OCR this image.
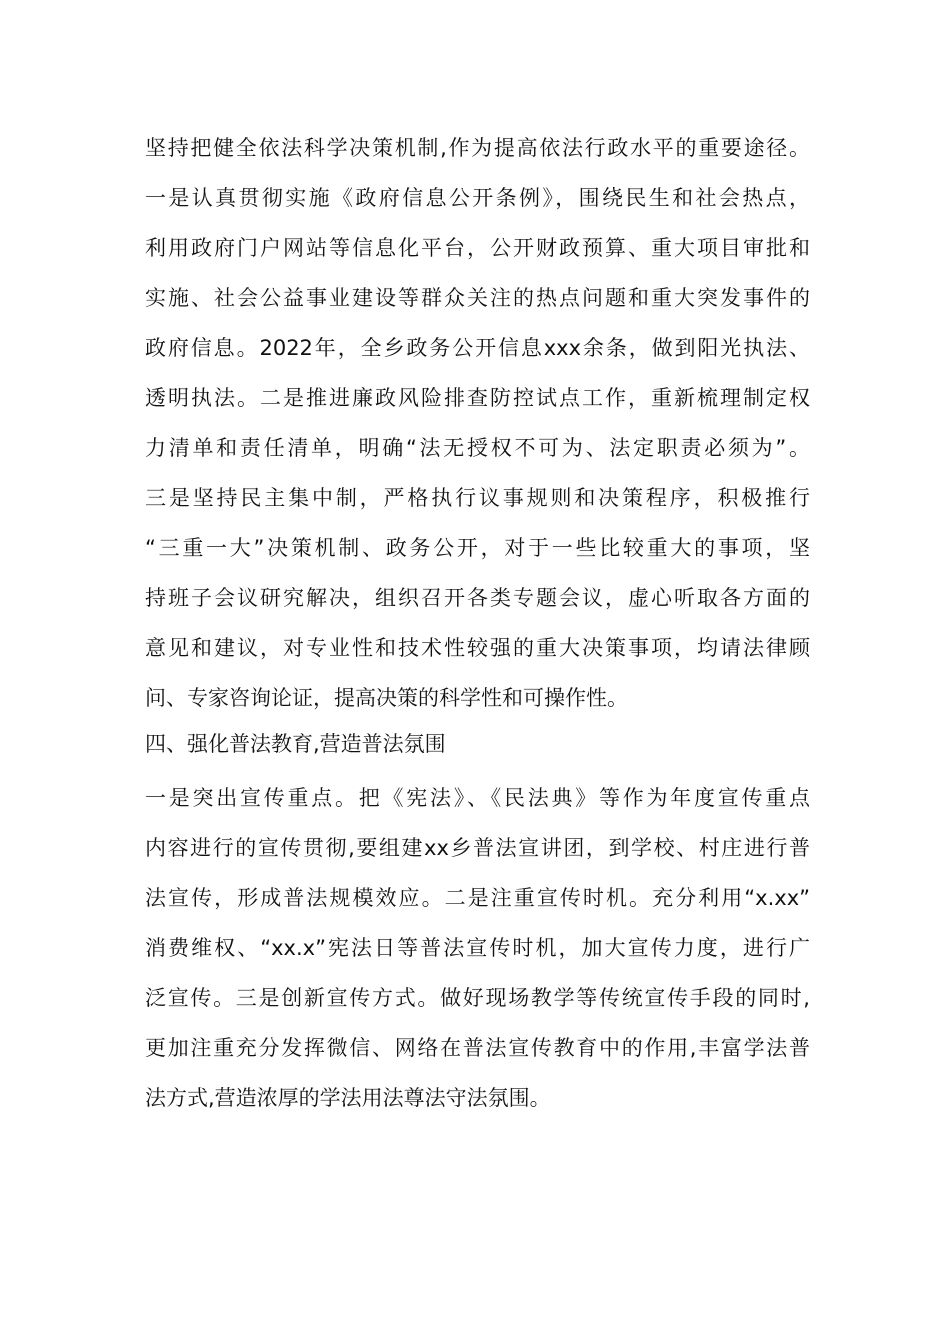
坚持把健全依法科学决策机制,作为提高依法行政水平的重要途径。
一是认真贯彻实施《政府信息公开条例》，围绕民生和社会热点，
利用政府门户网站等信息化平台，公开财政预算、重大项目审批和
实施、社会公益事业建设等群众关注的热点问题和重大突发事件的
政府信息。2022年，全乡政务公开信息xxx余条，做到阳光执法、
透明执法。二是推进廉政风险排查防控试点工作，重新梳理制定权
力清单和责任清单，明确“法无授权不可为、法定职责必须为”。
三是坚持民主集中制，严格执行议事规则和决策程序，积极推行
“三重一大”决策机制、政务公开，对于一些比较重大的事项，坚
持班子会议研究解决，组织召开各类专题会议，虚心听取各方面的
意见和建议，对专业性和技术性较强的重大决策事项，均请法律顾
问、专家咨询论证，提高决策的科学性和可操作性。
四、强化普法教育,营造普法氛围
一是突出宣传重点。把《宪法》、《民法典》等作为年度宣传重点
内容进行的宣传贯彻,要组建xx乡普法宣讲团，到学校、村庄进行普
法宣传，形成普法规模效应。二是注重宣传时机。充分利用“x.xx”
消费维权、“xx.x”宪法日等普法宣传时机，加大宣传力度，进行广
泛宣传。三是创新宣传方式。做好现场教学等传统宣传手段的同时,
更加注重充分发挥微信、网络在普法宣传教育中的作用,丰富学法普
法方式,营造浓厚的学法用法尊法守法氛围。
